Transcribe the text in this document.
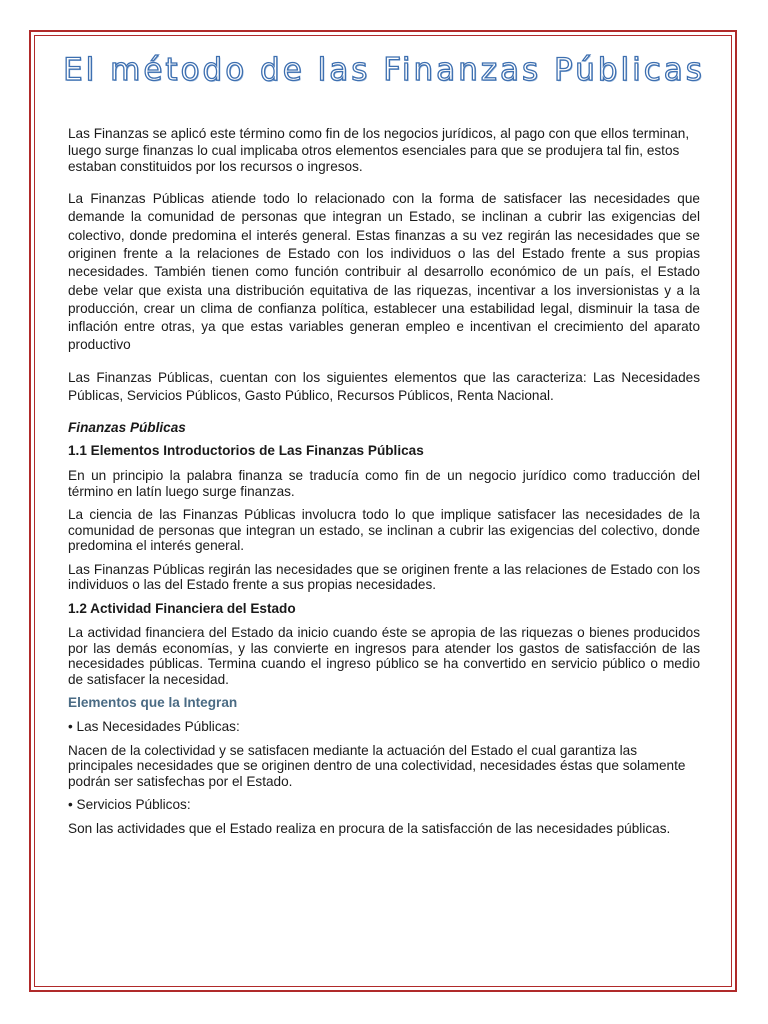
El método de las Finanzas Públicas

Las Finanzas se aplicó este término como fin de los negocios jurídicos, al pago con que ellos terminan, luego surge finanzas lo cual implicaba otros elementos esenciales para que se produjera tal fin, estos estaban constituidos por los recursos o ingresos.

La Finanzas Públicas atiende todo lo relacionado con la forma de satisfacer las necesidades que demande la comunidad de personas que integran un Estado, se inclinan a cubrir las exigencias del colectivo, donde predomina el interés general. Estas finanzas a su vez regirán las necesidades que se originen frente a la relaciones de Estado con los individuos o las del Estado frente a sus propias necesidades. También tienen como función contribuir al desarrollo económico de un país, el Estado debe velar que exista una distribución equitativa de las riquezas, incentivar a los inversionistas y a la producción, crear un clima de confianza política, establecer una estabilidad legal, disminuir la tasa de inflación entre otras, ya que estas variables generan empleo e incentivan el crecimiento del aparato productivo

Las Finanzas Públicas, cuentan con los siguientes elementos que las caracteriza: Las Necesidades Públicas, Servicios Públicos, Gasto Público, Recursos Públicos, Renta Nacional.

Finanzas Públicas
1.1 Elementos Introductorios de Las Finanzas Públicas

En un principio la palabra finanza se traducía como fin de un negocio jurídico como traducción del término en latín luego surge finanzas.

La ciencia de las Finanzas Públicas involucra todo lo que implique satisfacer las necesidades de la comunidad de personas que integran un estado, se inclinan a cubrir las exigencias del colectivo, donde predomina el interés general.

Las Finanzas Públicas regirán las necesidades que se originen frente a las relaciones de Estado con los individuos o las del Estado frente a sus propias necesidades.

1.2 Actividad Financiera del Estado

La actividad financiera del Estado da inicio cuando éste se apropia de las riquezas o bienes producidos por las demás economías, y las convierte en ingresos para atender los gastos de satisfacción de las necesidades públicas. Termina cuando el ingreso público se ha convertido en servicio público o medio de satisfacer la necesidad.

Elementos que la Integran

• Las Necesidades Públicas:

Nacen de la colectividad y se satisfacen mediante la actuación del Estado el cual garantiza las principales necesidades que se originen dentro de una colectividad, necesidades éstas que solamente podrán ser satisfechas por el Estado.

• Servicios Públicos:

Son las actividades que el Estado realiza en procura de la satisfacción de las necesidades públicas.
